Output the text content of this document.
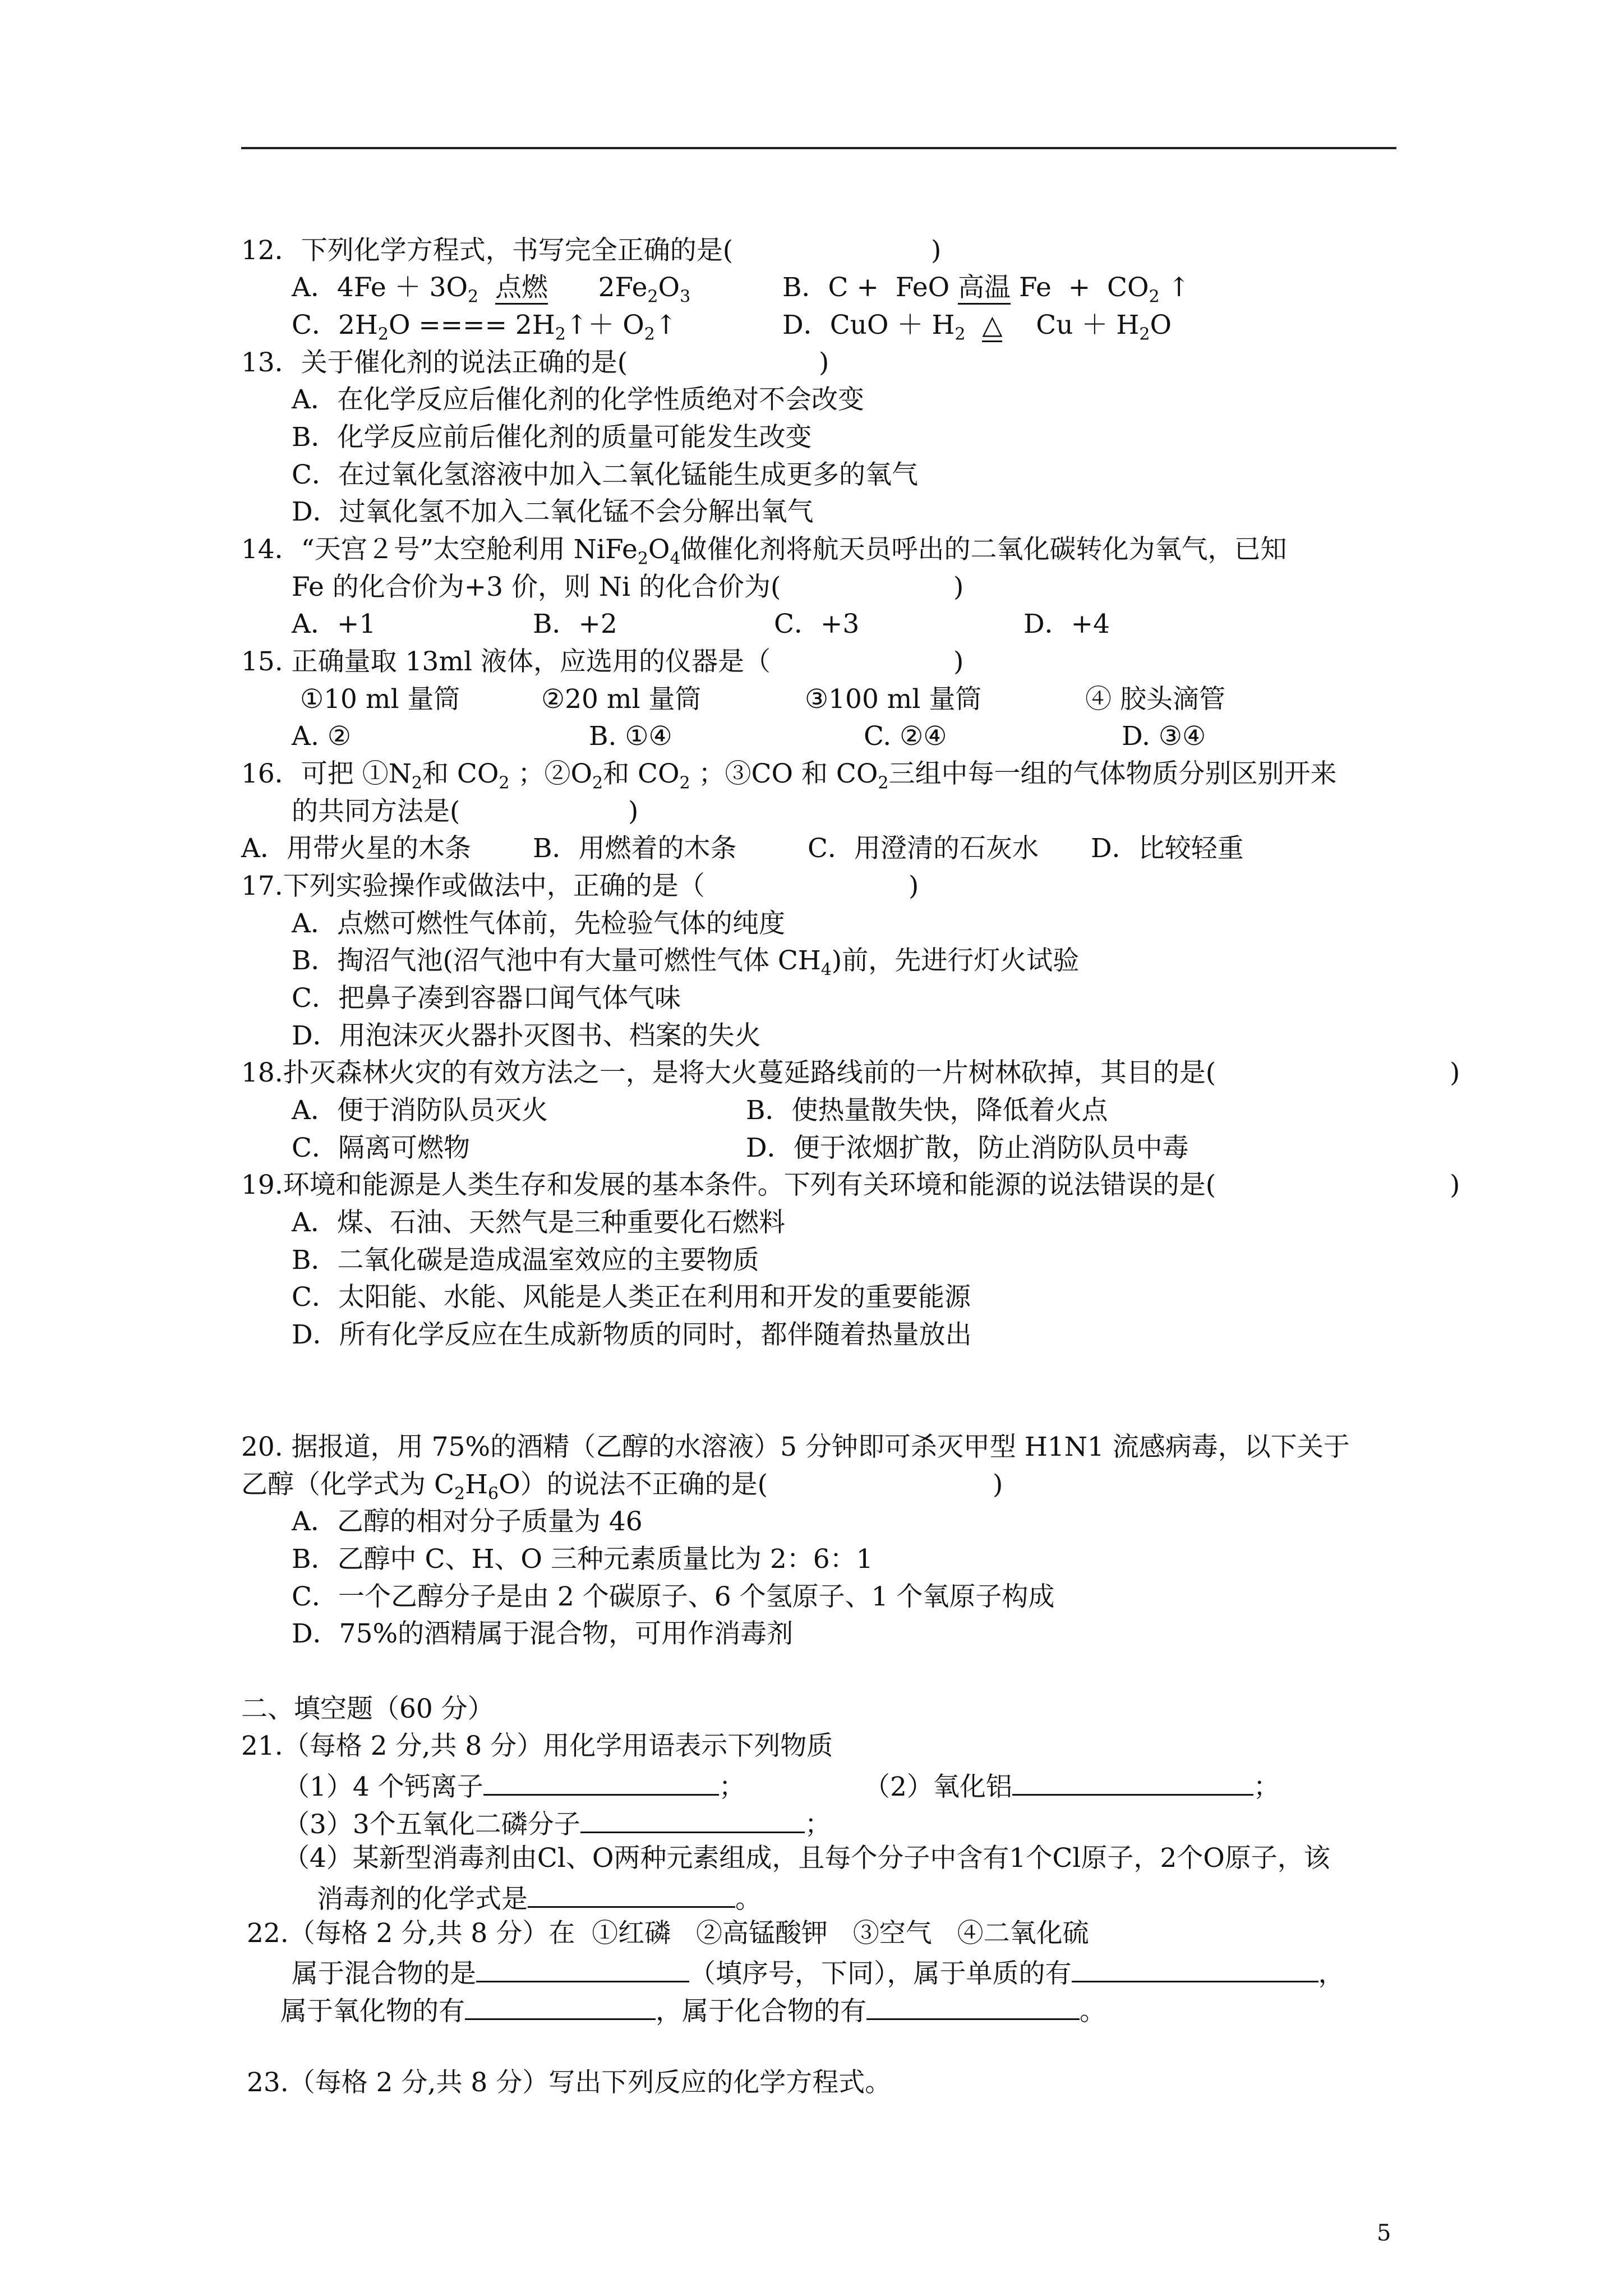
12．下列化学方程式，书写完全正确的是(	)
A．$4Fe + 3O_2$ 点燃 $2Fe_2O_3$	B．C +  FeO 高温 $Fe + CO_2$ ↑
C．$2H_2O$ ==== $2H_2↑+$ $O_2↑$	D．CuO ＋ $H_2$ △ $Cu + H_2O$
13．关于催化剂的说法正确的是(	)
A．在化学反应后催化剂的化学性质绝对不会改变
B．化学反应前后催化剂的质量可能发生改变
C．在过氧化氢溶液中加入二氧化锰能生成更多的氧气
D．过氧化氢不加入二氧化锰不会分解出氧气
14．“天宫２号”太空舱利用 $NiFe_2O_4$做催化剂将航天员呼出的二氧化碳转化为氧气，已知
Fe 的化合价为+3 价，则 Ni 的化合价为(	)
A．+1	B．+2	C．+3	D．+4
15. 正确量取 13ml 液体，应选用的仪器是（	)
①10 ml 量筒	②20 ml 量筒	③100 ml 量筒	④ 胶头滴管
A. ②	B. ①④	C. ②④	D. ③④
16．可把 $①N_2$和 $CO_2$ ；$②O_2$和 $CO_2$ ；③CO 和 $CO_2$三组中每一组的气体物质分别区别开来
的共同方法是(	)
A．用带火星的木条 B．用燃着的木条	C．用澄清的石灰水 D．比较轻重
17.下列实验操作或做法中，正确的是（	)
A．点燃可燃性气体前，先检验气体的纯度
B．掏沼气池(沼气池中有大量可燃性气体 $CH_4$)前，先进行灯火试验
C．把鼻子凑到容器口闻气体气味
D．用泡沫灭火器扑灭图书、档案的失火
18.扑灭森林火灾的有效方法之一，是将大火蔓延路线前的一片树林砍掉，其目的是(	)
A．便于消防队员灭火	B．使热量散失快，降低着火点
C．隔离可燃物	D．便于浓烟扩散，防止消防队员中毒
19.环境和能源是人类生存和发展的基本条件。下列有关环境和能源的说法错误的是(	)
A．煤、石油、天然气是三种重要化石燃料
B．二氧化碳是造成温室效应的主要物质
C．太阳能、水能、风能是人类正在利用和开发的重要能源
D．所有化学反应在生成新物质的同时，都伴随着热量放出
20. 据报道，用 75%的酒精（乙醇的水溶液）5 分钟即可杀灭甲型 H1N1 流感病毒，以下关于
乙醇（化学式为 $C_2H_6O$）的说法不正确的是(	)
A．乙醇的相对分子质量为 46
B．乙醇中 C、H、O 三种元素质量比为 2：6：1
C．一个乙醇分子是由 2 个碳原子、6 个氢原子、1 个氧原子构成
D．75%的酒精属于混合物，可用作消毒剂
二、填空题（60 分）
21.（每格 2 分,共 8 分）用化学用语表示下列物质
（1）4 个钙离子	；	（2）氧化铝	；
（3）3个五氧化二磷分子	；
（4）某新型消毒剂由Cl、O两种元素组成，且每个分子中含有1个Cl原子，2个O原子，该
消毒剂的化学式是	。
22.（每格 2 分,共 8 分）在  ①红磷   ②高锰酸钾   ③空气   ④二氧化硫
属于混合物的是	（填序号，下同），属于单质的有	，
属于氧化物的有	，属于化合物的有	。
23.（每格 2 分,共 8 分）写出下列反应的化学方程式。
5
